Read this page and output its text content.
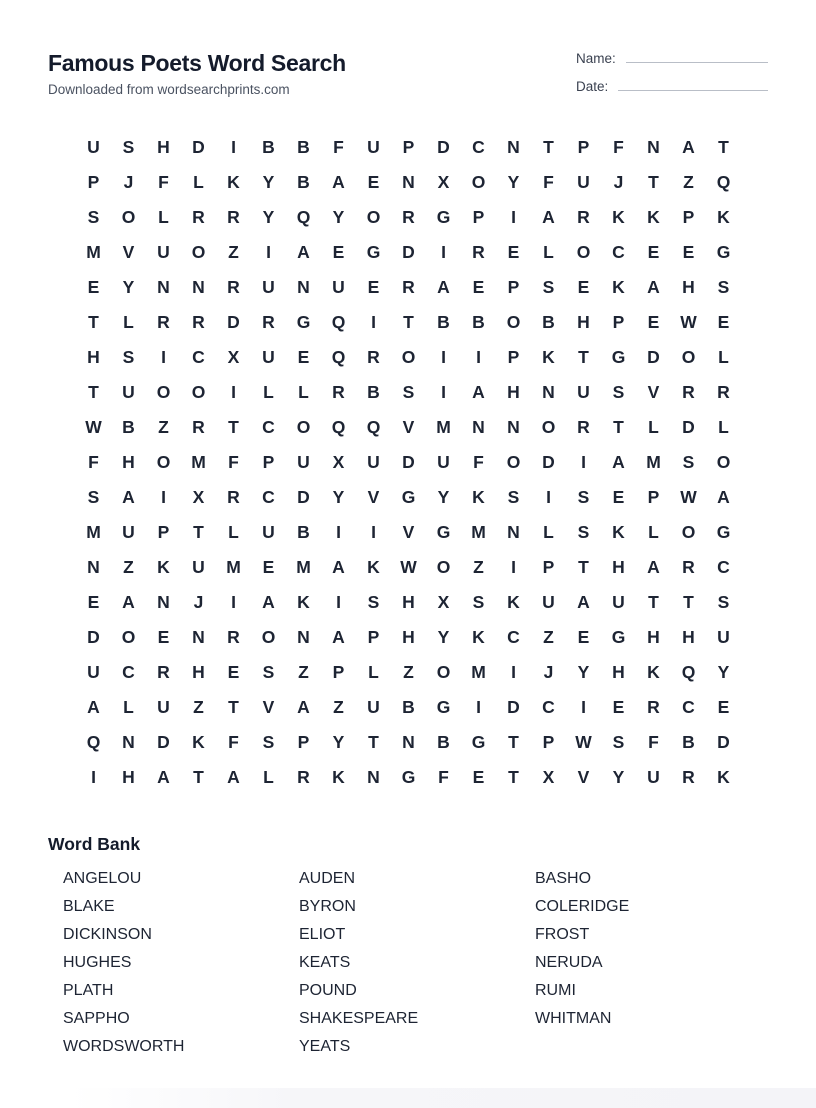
Famous Poets Word Search
Downloaded from wordsearchprints.com
Name:
Date:
U	S	H	D	I	B	B	F	U	P	D	C	N	T	P	F	N	A	T
P	J	F	L	K	Y	B	A	E	N	X	O	Y	F	U	J	T	Z	Q
S	O	L	R	R	Y	Q	Y	O	R	G	P	I	A	R	K	K	P	K
M	V	U	O	Z	I	A	E	G	D	I	R	E	L	O	C	E	E	G
E	Y	N	N	R	U	N	U	E	R	A	E	P	S	E	K	A	H	S
T	L	R	R	D	R	G	Q	I	T	B	B	O	B	H	P	E	W	E
H	S	I	C	X	U	E	Q	R	O	I	I	P	K	T	G	D	O	L
T	U	O	O	I	L	L	R	B	S	I	A	H	N	U	S	V	R	R
W	B	Z	R	T	C	O	Q	Q	V	M	N	N	O	R	T	L	D	L
F	H	O	M	F	P	U	X	U	D	U	F	O	D	I	A	M	S	O
S	A	I	X	R	C	D	Y	V	G	Y	K	S	I	S	E	P	W	A
M	U	P	T	L	U	B	I	I	V	G	M	N	L	S	K	L	O	G
N	Z	K	U	M	E	M	A	K	W	O	Z	I	P	T	H	A	R	C
E	A	N	J	I	A	K	I	S	H	X	S	K	U	A	U	T	T	S
D	O	E	N	R	O	N	A	P	H	Y	K	C	Z	E	G	H	H	U
U	C	R	H	E	S	Z	P	L	Z	O	M	I	J	Y	H	K	Q	Y
A	L	U	Z	T	V	A	Z	U	B	G	I	D	C	I	E	R	C	E
Q	N	D	K	F	S	P	Y	T	N	B	G	T	P	W	S	F	B	D
I	H	A	T	A	L	R	K	N	G	F	E	T	X	V	Y	U	R	K
Word Bank
ANGELOU
BLAKE
DICKINSON
HUGHES
PLATH
SAPPHO
WORDSWORTH
AUDEN
BYRON
ELIOT
KEATS
POUND
SHAKESPEARE
YEATS
BASHO
COLERIDGE
FROST
NERUDA
RUMI
WHITMAN
